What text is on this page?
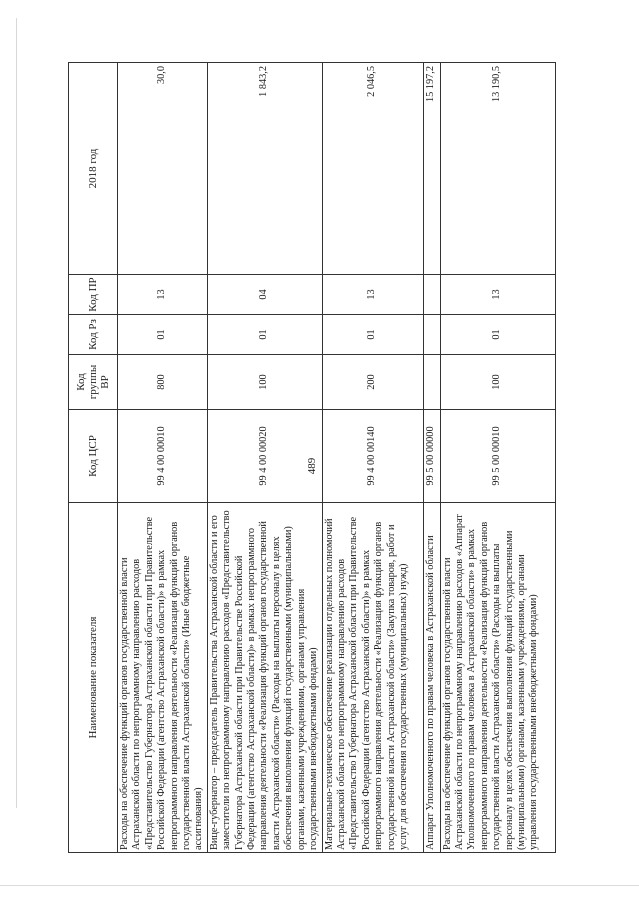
489
Наименование показателя	Код ЦСР	Код группы ВР	Код Рз	Код ПР	2018 год
Расходы на обеспечение функций органов государственной власти Астраханской области по непрограммному направлению расходов «Представительство Губернатора Астраханской области при Правительстве Российской Федерации (агентство Астраханской области)» в рамках непрограммного направления деятельности «Реализация функций органов государственной власти Астраханской области» (Иные бюджетные ассигнования)	99 4 00 00010	800	01	13	30,0
Вице-губернатор – председатель Правительства Астраханской области и его заместители по непрограммному направлению расходов «Представительство Губернатора Астраханской области при Правительстве Российской Федерации (агентство Астраханской области)» в рамках непрограммного направления деятельности «Реализация функций органов государственной власти Астраханской области» (Расходы на выплаты персоналу в целях обеспечения выполнения функций государственными (муниципальными) органами, казенными учреждениями, органами управления государственными внебюджетными фондами)	99 4 00 00020	100	01	04	1 843,2
Материально-техническое обеспечение реализации отдельных полномочий Астраханской области по непрограммному направлению расходов «Представительство Губернатора Астраханской области при Правительстве Российской Федерации (агентство Астраханской области)» в рамках непрограммного направления деятельности «Реализация функций органов государственной власти Астраханской области» (Закупка товаров, работ и услуг для обеспечения государственных (муниципальных) нужд)	99 4 00 00140	200	01	13	2 046,5
Аппарат Уполномоченного по правам человека в Астраханской области	99 5 00 00000				15 197,2
Расходы на обеспечение функций органов государственной власти Астраханской области по непрограммному направлению расходов «Аппарат Уполномоченного по правам человека в Астраханской области» в рамках непрограммного направления деятельности «Реализация функций органов государственной власти Астраханской области» (Расходы на выплаты персоналу в целях обеспечения выполнения функций государственными (муниципальными) органами, казенными учреждениями, органами управления государственными внебюджетными фондами)	99 5 00 00010	100	01	13	13 190,5
